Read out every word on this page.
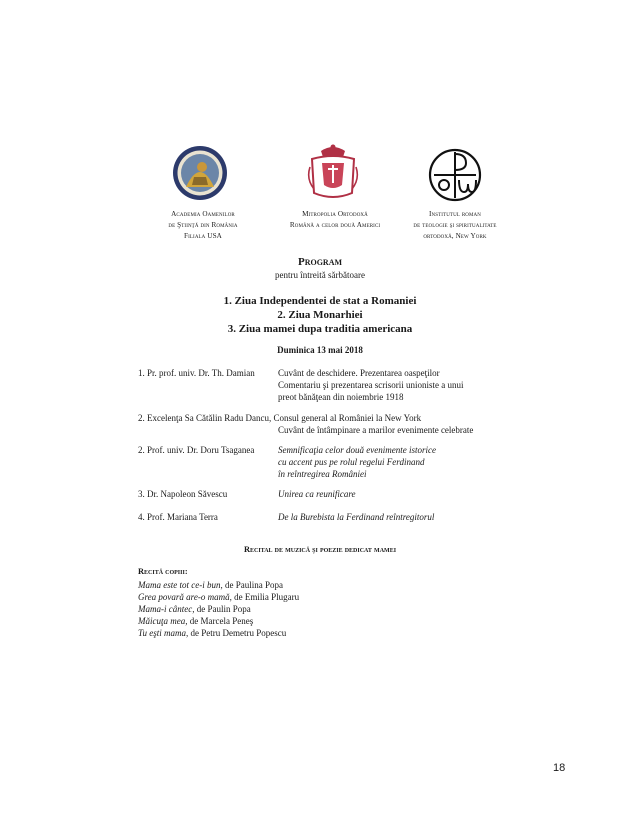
Academia Oamenilor
de Ştiinţă din România
Filiala USA
Mitropolia Ortodoxă
Română a celor două Americi
Institutul roman
de teologie şi spiritualitate
ortodoxă, New York
Program
pentru întreită sărbătoare
1. Ziua Independentei de stat a Romaniei
2. Ziua Monarhiei
3. Ziua mamei dupa traditia americana
Duminica 13 mai 2018
1. Pr. prof. univ. Dr. Th. Damian	Cuvânt de deschidere. Prezentarea oaspeţilor
Comentariu şi prezentarea scrisorii unioniste a unui
preot bănăţean din noiembrie 1918
2. Excelenţa Sa Cătălin Radu Dancu, Consul general al României la New York
Cuvânt de întâmpinare a marilor evenimente celebrate
2. Prof. univ. Dr. Doru Tsaganea	Semnificaţia celor două evenimente istorice
cu accent pus pe rolul regelui Ferdinand
în reîntregirea României
3. Dr. Napoleon Săvescu	Unirea ca reunificare
4. Prof. Mariana Terra	De la Burebista la Ferdinand reîntregitorul
Recital de muzică şi poezie dedicat mamei
Recită copiii:
Mama este tot ce-i bun, de Paulina Popa
Grea povară are-o mamă, de Emilia Plugaru
Mama-i cântec, de Paulin Popa
Măicuţa mea, de Marcela Peneş
Tu eşti mama, de Petru Demetru Popescu
18
